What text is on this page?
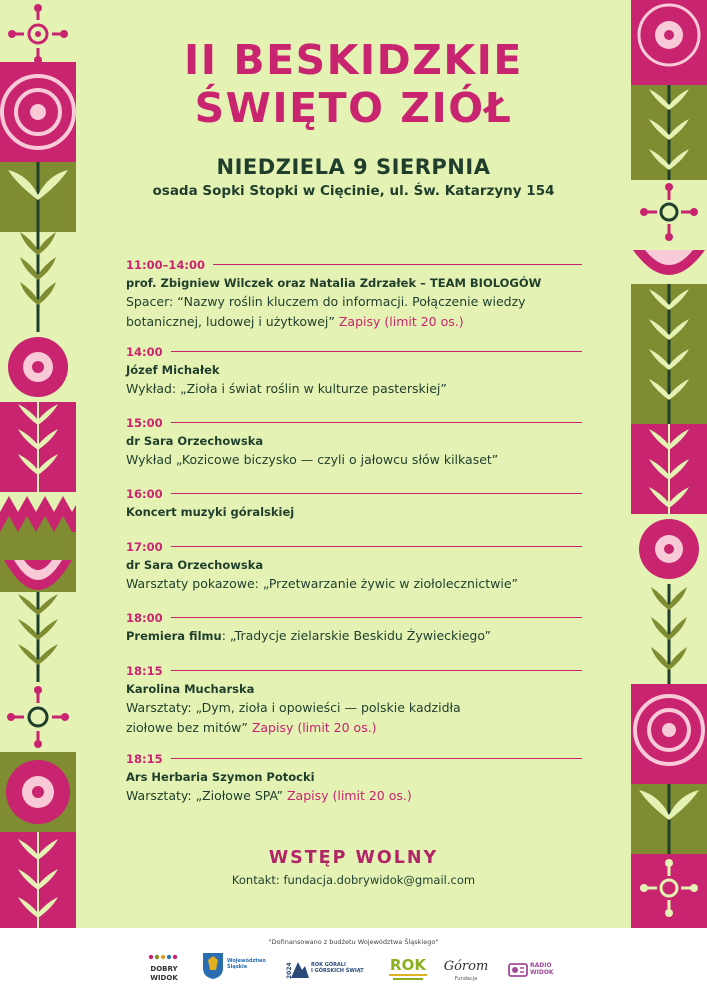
II BESKIDZKIE
ŚWIĘTO ZIÓŁ
NIEDZIELA 9 SIERPNIA
osada Sopki Stopki w Cięcinie, ul. Św. Katarzyny 154
11:00–14:00
prof. Zbigniew Wilczek oraz Natalia Zdrzałek – TEAM BIOLOGÓW
Spacer: “Nazwy roślin kluczem do informacji. Połączenie wiedzy
botanicznej, ludowej i użytkowej” Zapisy (limit 20 os.)
14:00
Józef Michałek
Wykład: „Zioła i świat roślin w kulturze pasterskiej”
15:00
dr Sara Orzechowska
Wykład „Kozicowe biczysko — czyli o jałowcu słów kilkaset”
16:00
Koncert muzyki góralskiej
17:00
dr Sara Orzechowska
Warsztaty pokazowe: „Przetwarzanie żywic w ziołolecznictwie”
18:00
Premiera filmu: „Tradycje zielarskie Beskidu Żywieckiego”
18:15
Karolina Mucharska
Warsztaty: „Dym, zioła i opowieści — polskie kadzidła
ziołowe bez mitów” Zapisy (limit 20 os.)
18:15
Ars Herbaria Szymon Potocki
Warsztaty: „Ziołowe SPA” Zapisy (limit 20 os.)
WSTĘP WOLNY
Kontakt: fundacja.dobrywidok@gmail.com
"Dofinansowano z budżetu Województwa Śląskiego"
DOBRY
WIDOK
Województwo
Śląskie	2024	ROK GÓRALI
I GÓRSKICH ŚWIĄT ROK Górom
Fundacja
RADIO
WIDOK
